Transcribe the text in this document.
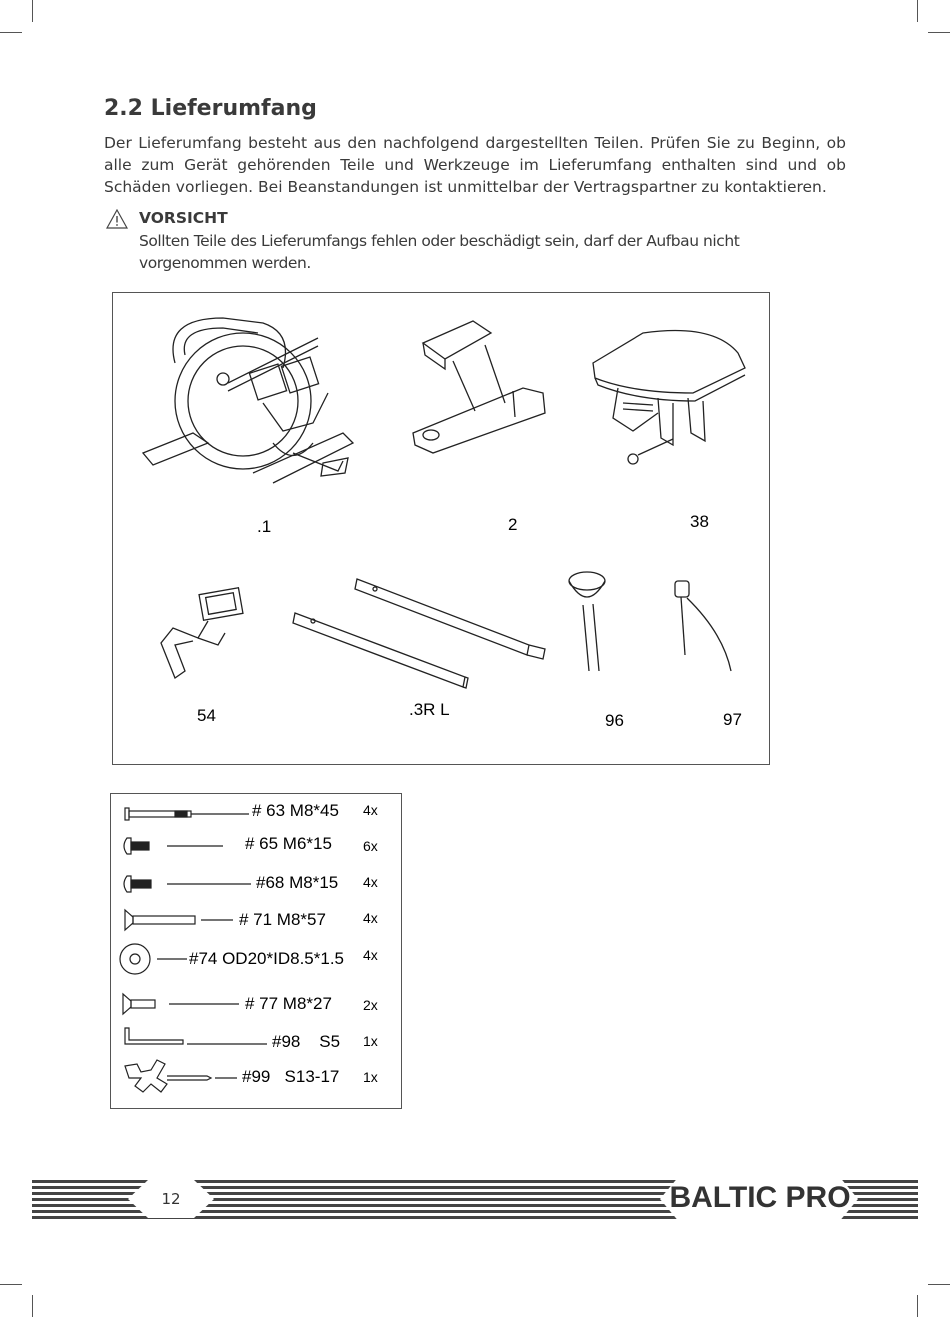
2.2 Lieferumfang
Der Lieferumfang besteht aus den nachfolgend dargestellten Teilen. Prüfen Sie zu Beginn, ob alle zum Gerät gehörenden Teile und Werkzeuge im Lieferumfang enthalten sind und ob Schäden vorliegen. Bei Beanstandungen ist unmittelbar der Vertragspartner zu kontaktieren.
VORSICHT
Sollten Teile des Lieferumfangs fehlen oder beschädigt sein, darf der Aufbau nicht vorgenommen werden.
.1	2	38
54	.3R L
96	97
# 63 M8*45 4x
# 65 M6*15 6x
#68 M8*15 4x
# 71 M8*57	4x
#74 OD20*ID8.5*1.5 4x
# 77 M8*27 2x
#98    S5 1x
#99   S13-17 1x
12	BALTIC PRO
